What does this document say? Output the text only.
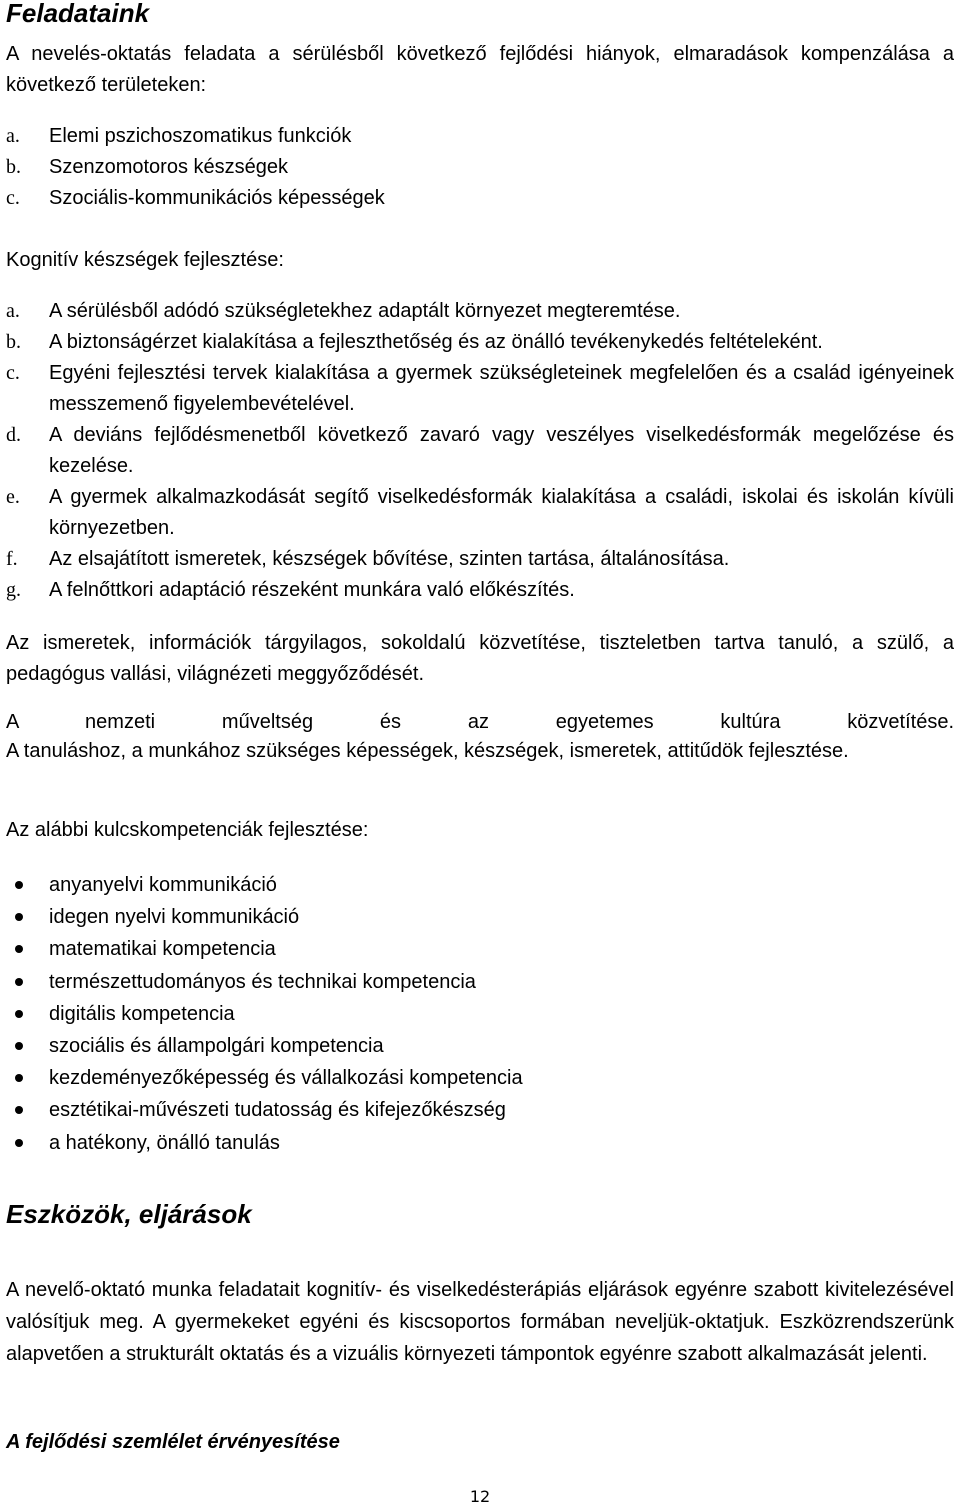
Feladataink
A nevelés-oktatás feladata a sérülésből következő fejlődési hiányok, elmaradások kompenzálása a következő területeken:
a. Elemi pszichoszomatikus funkciók
b. Szenzomotoros készségek
c. Szociális-kommunikációs képességek
Kognitív készségek fejlesztése:
a. A sérülésből adódó szükségletekhez adaptált környezet megteremtése.
b. A biztonságérzet kialakítása a fejleszthetőség és az önálló tevékenykedés feltételeként.
c. Egyéni fejlesztési tervek kialakítása a gyermek szükségleteinek megfelelően és a család igényeinek messzemenő figyelembevételével.
d. A deviáns fejlődésmenetből következő zavaró vagy veszélyes viselkedésformák megelőzése és kezelése.
e. A gyermek alkalmazkodását segítő viselkedésformák kialakítása a családi, iskolai és iskolán kívüli környezetben.
f. Az elsajátított ismeretek, készségek bővítése, szinten tartása, általánosítása.
g. A felnőttkori adaptáció részeként munkára való előkészítés.
Az ismeretek, információk tárgyilagos, sokoldalú közvetítése, tiszteletben tartva tanuló, a szülő, a pedagógus vallási, világnézeti meggyőződését.
A nemzeti műveltség és az egyetemes kultúra közvetítése.
A tanuláshoz, a munkához szükséges képességek, készségek, ismeretek, attitűdök fejlesztése.
Az alábbi kulcskompetenciák fejlesztése:
anyanyelvi kommunikáció
idegen nyelvi kommunikáció
matematikai kompetencia
természettudományos és technikai kompetencia
digitális kompetencia
szociális és állampolgári kompetencia
kezdeményezőképesség és vállalkozási kompetencia
esztétikai-művészeti tudatosság és kifejezőkészség
a hatékony, önálló tanulás
Eszközök, eljárások
A nevelő-oktató munka feladatait kognitív- és viselkedésterápiás eljárások egyénre szabott kivitelezésével valósítjuk meg. A gyermekeket egyéni és kiscsoportos formában neveljük-oktatjuk. Eszközrendszerünk alapvetően a strukturált oktatás és a vizuális környezeti támpontok egyénre szabott alkalmazását jelenti.
A fejlődési szemlélet érvényesítése
12
